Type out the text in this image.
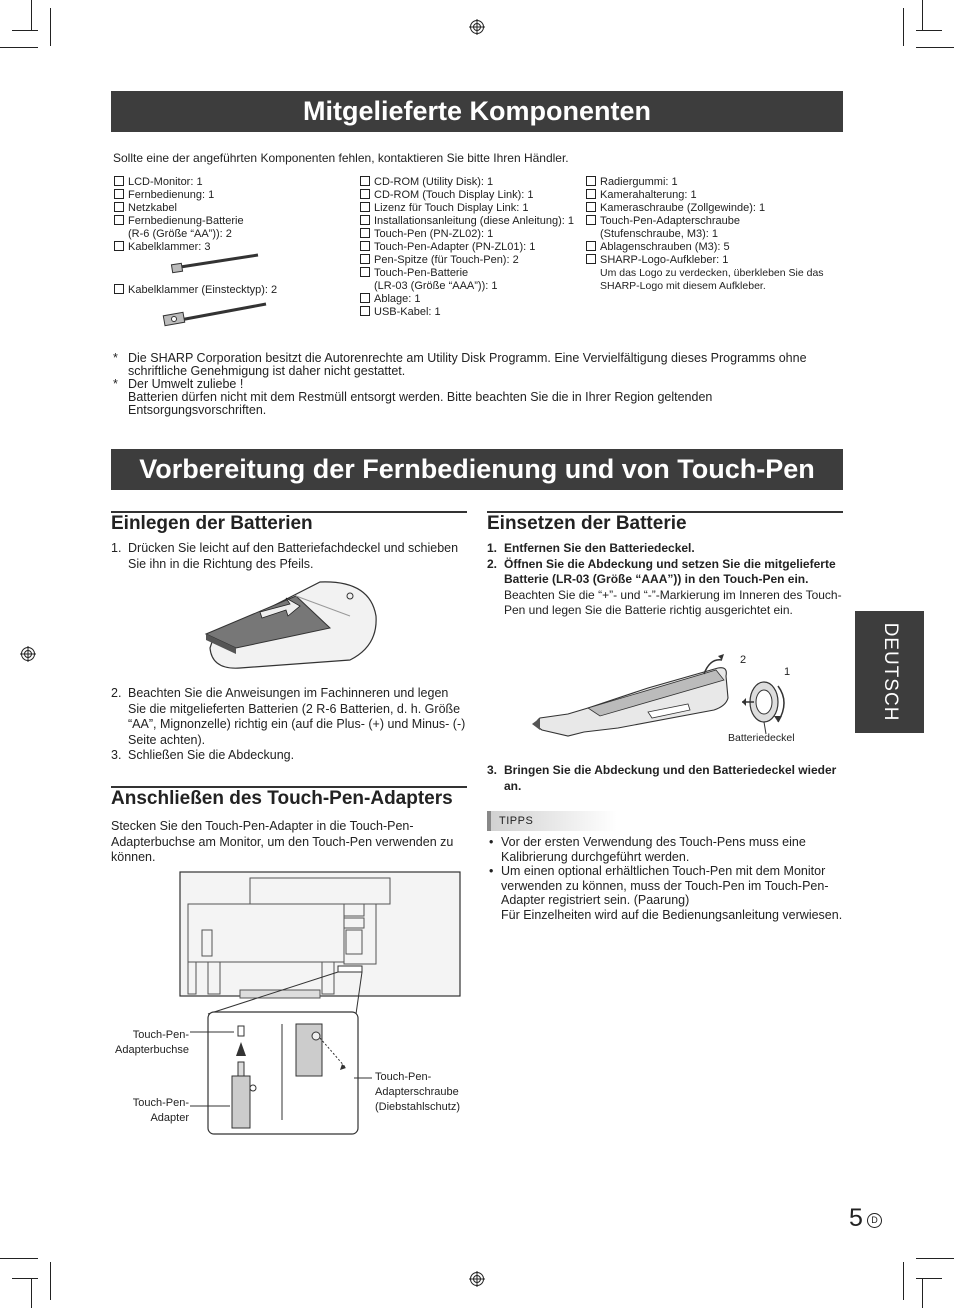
Mitgelieferte Komponenten
Sollte eine der angeführten Komponenten fehlen, kontaktieren Sie bitte Ihren Händler.
LCD-Monitor: 1
Fernbedienung: 1
Netzkabel
Fernbedienung-Batterie
(R-6 (Größe “AA”)): 2
Kabelklammer: 3
Kabelklammer (Einstecktyp): 2
CD-ROM (Utility Disk): 1
CD-ROM (Touch Display Link): 1
Lizenz für Touch Display Link: 1
Installationsanleitung (diese Anleitung): 1
Touch-Pen (PN-ZL02): 1
Touch-Pen-Adapter (PN-ZL01): 1
Pen-Spitze (für Touch-Pen): 2
Touch-Pen-Batterie
(LR-03 (Größe “AAA”)): 1
Ablage: 1
USB-Kabel: 1
Radiergummi: 1
Kamerahalterung: 1
Kameraschraube (Zollgewinde): 1
Touch-Pen-Adapterschraube
(Stufenschraube, M3): 1
Ablagenschrauben (M3): 5
SHARP-Logo-Aufkleber: 1
Um das Logo zu verdecken, überkleben Sie das
SHARP-Logo mit diesem Aufkleber.
* Die SHARP Corporation besitzt die Autorenrechte am Utility Disk Programm. Eine Vervielfältigung dieses Programms ohne
schriftliche Genehmigung ist daher nicht gestattet.
* Der Umwelt zuliebe !
Batterien dürfen nicht mit dem Restmüll entsorgt werden. Bitte beachten Sie die in Ihrer Region geltenden
Entsorgungsvorschriften.
Vorbereitung der Fernbedienung und von Touch-Pen
Einlegen der Batterien
1. Drücken Sie leicht auf den Batteriefachdeckel und schieben Sie ihn in die Richtung des Pfeils.
2. Beachten Sie die Anweisungen im Fachinneren und legen Sie die mitgelieferten Batterien (2 R-6 Batterien, d. h. Größe “AA”, Mignonzelle) richtig ein (auf die Plus- (+) und Minus- (-) Seite achten).
3. Schließen Sie die Abdeckung.
Anschließen des Touch-Pen-Adapters
Stecken Sie den Touch-Pen-Adapter in die Touch-Pen-Adapterbuchse am Monitor, um den Touch-Pen verwenden zu können.
Touch-Pen-
Adapterbuchse
Touch-Pen-
Adapter
Touch-Pen-
Adapterschraube
(Diebstahlschutz)
Einsetzen der Batterie
1. Entfernen Sie den Batteriedeckel.
2. Öffnen Sie die Abdeckung und setzen Sie die mitgelieferte Batterie (LR-03 (Größe “AAA”)) in den Touch-Pen ein.
Beachten Sie die “+”- und “-”-Markierung im Inneren des Touch-Pen und legen Sie die Batterie richtig ausgerichtet ein.
2
1
Batteriedeckel
3. Bringen Sie die Abdeckung und den Batteriedeckel wieder an.
TIPPS
• Vor der ersten Verwendung des Touch-Pens muss eine Kalibrierung durchgeführt werden.
• Um einen optional erhältlichen Touch-Pen mit dem Monitor verwenden zu können, muss der Touch-Pen im Touch-Pen-Adapter registriert sein. (Paarung)
Für Einzelheiten wird auf die Bedienungsanleitung verwiesen.
DEUTSCH
5 D
